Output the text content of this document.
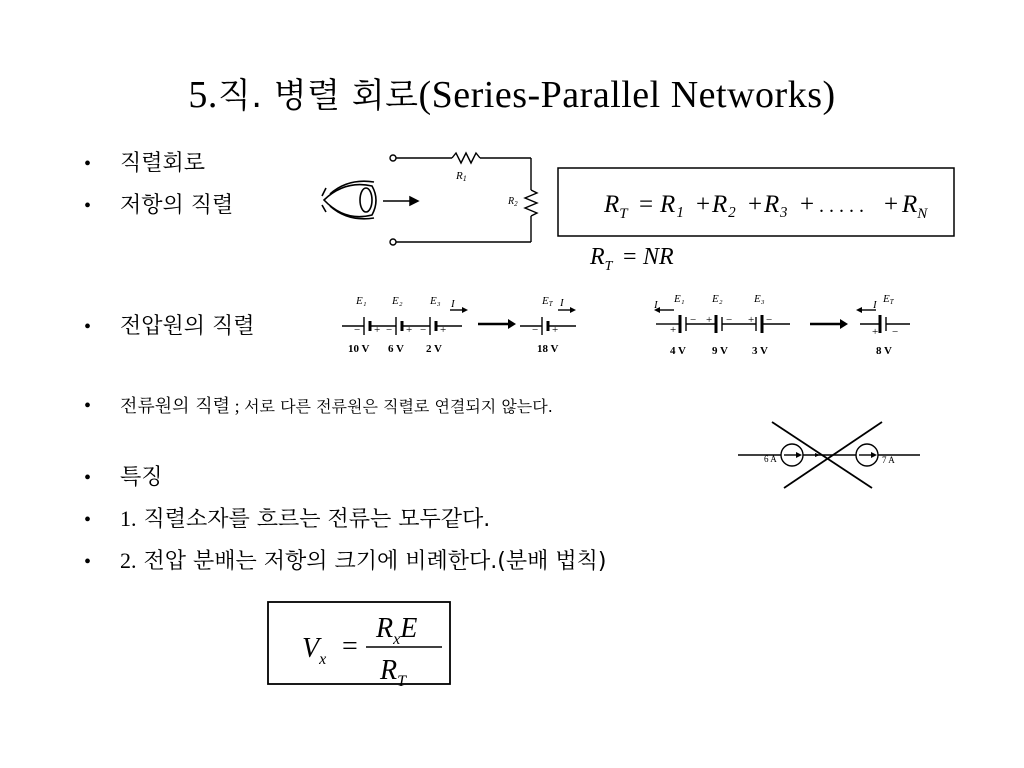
5.직. 병렬 회로(Series-Parallel Networks)
• 직렬회로
• 저항의 직렬
• 전압원의 직렬
• 전류원의 직렬 ; 서로 다른 전류원은 직렬로 연결되지 않는다.
• 특징
• 1. 직렬소자를 흐르는 전류는 모두같다.
• 2. 전압 분배는 저항의 크기에 비례한다.(분배 법칙)
R1
$R_2$	$R_T = R_1 + R_2 + R_3$ + . . . . . + $R_N$
$R_T$ = NR
− + − + − +	− +
E₁ E₂ E₃ I
10 V 6 V 2 V
ET I
18 V
+
− + − + −
+ −
I E₁ E₂	E₃
4 V 9 V 3 V
I ET
8 V
6 A	7 A
$V_x$ =
$R_xE$
$R_T$
